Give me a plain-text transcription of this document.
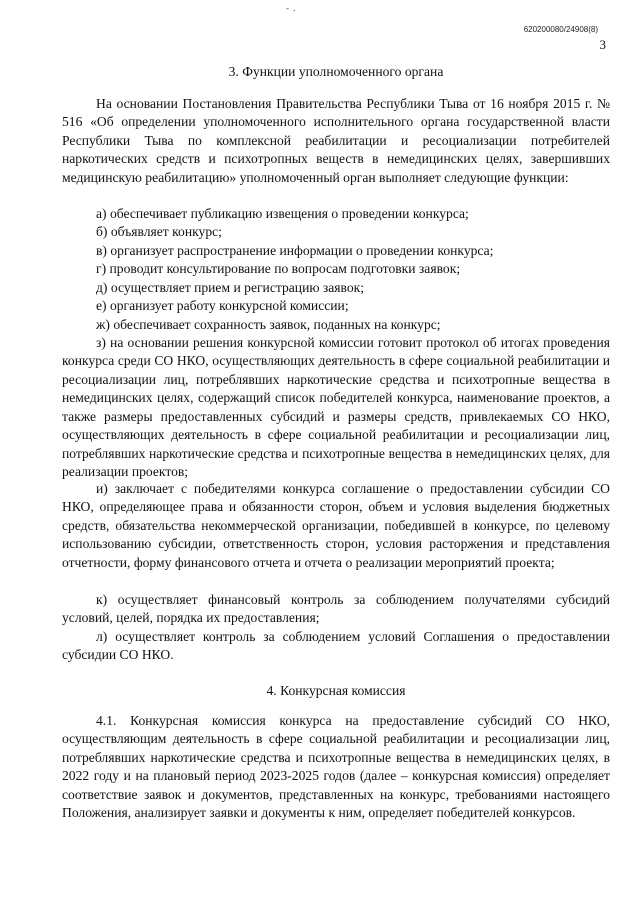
- .
620200080/24908(8)
3
3. Функции уполномоченного органа
На основании Постановления Правительства Республики Тыва от 16 ноября 2015 г. № 516 «Об определении уполномоченного исполнительного органа государственной власти Республики Тыва по комплексной реабилитации и ресоциализации потребителей наркотических средств и психотропных веществ в немедицинских целях, завершивших медицинскую реабилитацию» уполномоченный орган выполняет следующие функции:
а) обеспечивает публикацию извещения о проведении конкурса;
б) объявляет конкурс;
в) организует распространение информации о проведении конкурса;
г) проводит консультирование по вопросам подготовки заявок;
д) осуществляет прием и регистрацию заявок;
е) организует работу конкурсной комиссии;
ж) обеспечивает сохранность заявок, поданных на конкурс;
з) на основании решения конкурсной комиссии готовит протокол об итогах проведения конкурса среди СО НКО, осуществляющих деятельность в сфере социальной реабилитации и ресоциализации лиц, потреблявших наркотические средства и психотропные вещества в немедицинских целях, содержащий список победителей конкурса, наименование проектов, а также размеры предоставленных субсидий и размеры средств, привлекаемых СО НКО, осуществляющих деятельность в сфере социальной реабилитации и ресоциализации лиц, потреблявших наркотические средства и психотропные вещества в немедицинских целях, для реализации проектов;
и) заключает с победителями конкурса соглашение о предоставлении субсидии СО НКО, определяющее права и обязанности сторон, объем и условия выделения бюджетных средств, обязательства некоммерческой организации, победившей в конкурсе, по целевому использованию субсидии, ответственность сторон, условия расторжения и представления отчетности, форму финансового отчета и отчета о реализации мероприятий проекта;
к) осуществляет финансовый контроль за соблюдением получателями субсидий условий, целей, порядка их предоставления;
л) осуществляет контроль за соблюдением условий Соглашения о предоставлении субсидии СО НКО.
4. Конкурсная комиссия
4.1. Конкурсная комиссия конкурса на предоставление субсидий СО НКО, осуществляющим деятельность в сфере социальной реабилитации и ресоциализации лиц, потреблявших наркотические средства и психотропные вещества в немедицинских целях, в 2022 году и на плановый период 2023-2025 годов (далее – конкурсная комиссия) определяет соответствие заявок и документов, представленных на конкурс, требованиями настоящего Положения, анализирует заявки и документы к ним, определяет победителей конкурсов.
